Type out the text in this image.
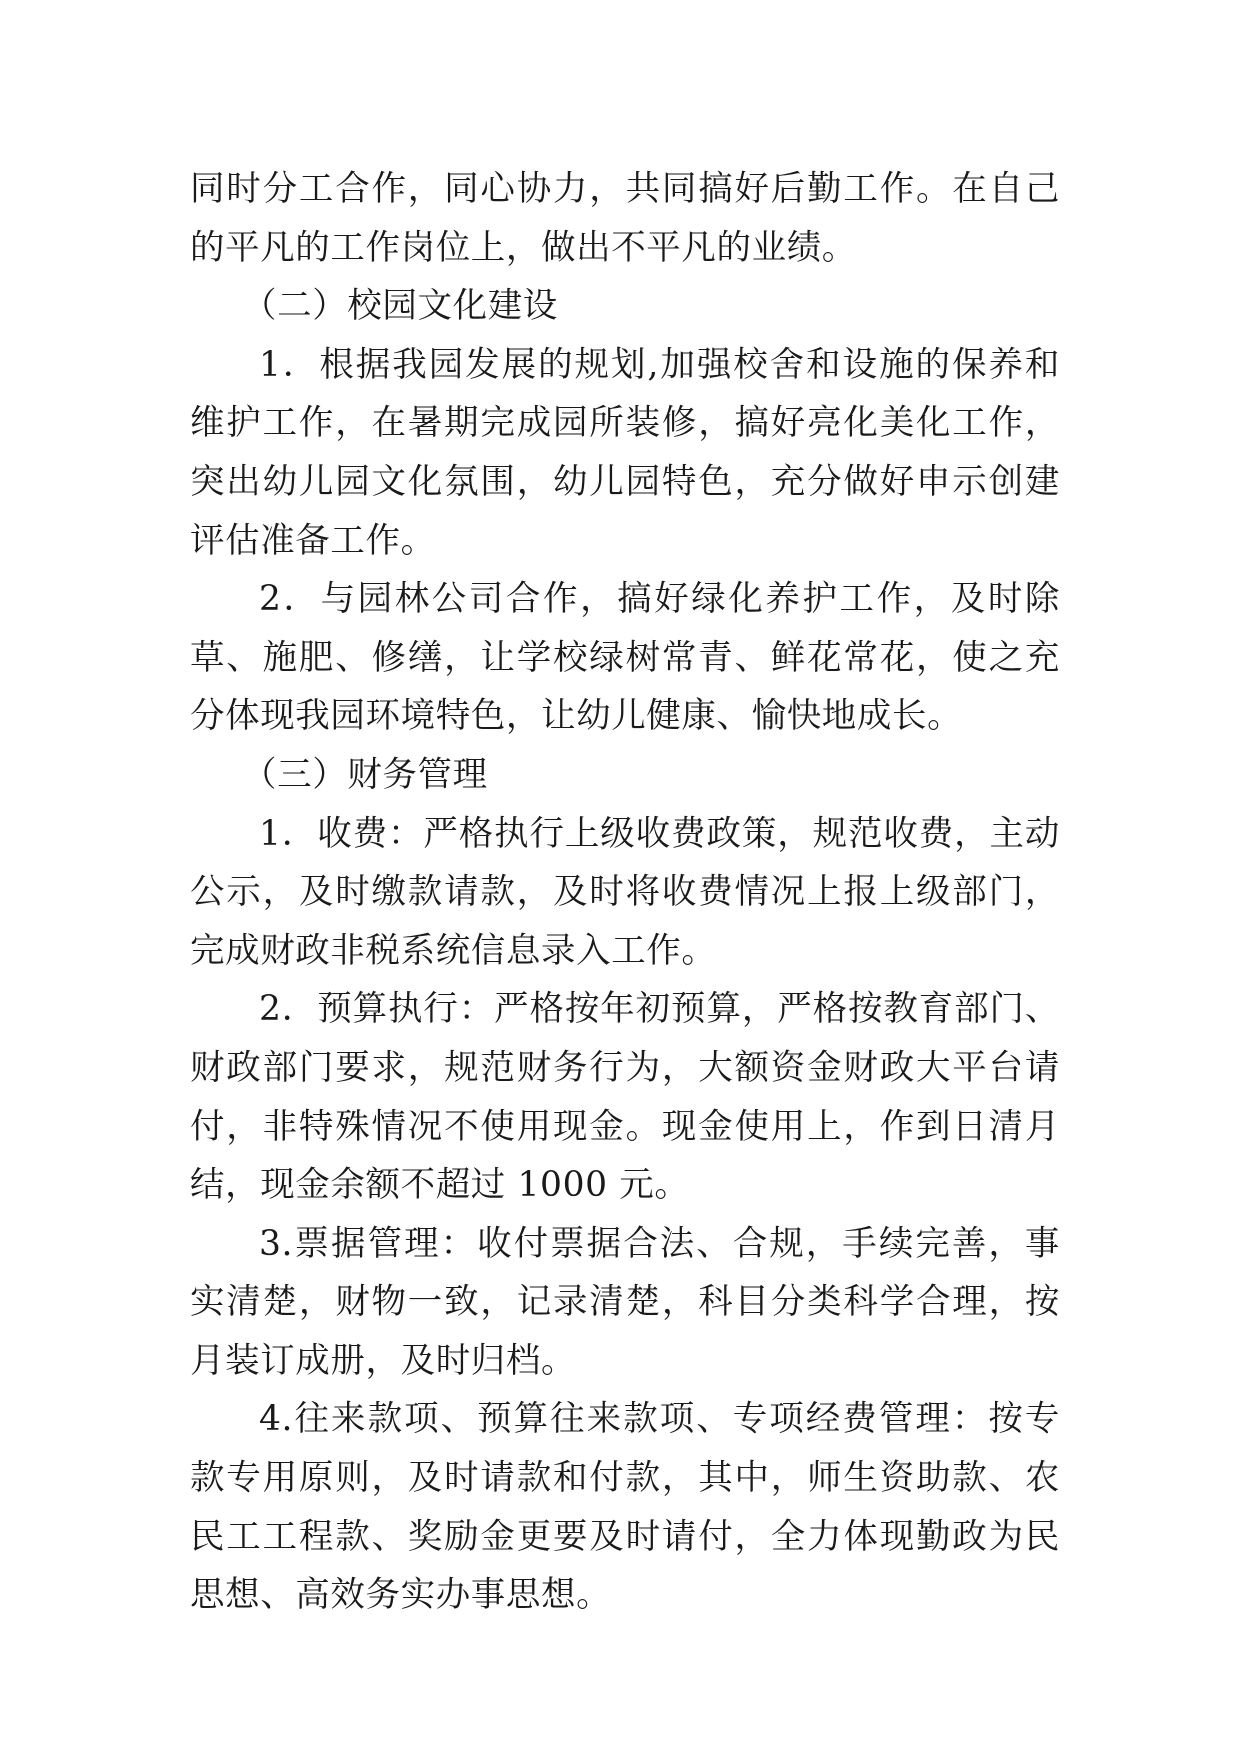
同时分工合作，同心协力，共同搞好后勤工作。在自己的平凡的工作岗位上，做出不平凡的业绩。

（二）校园文化建设

1．根据我园发展的规划,加强校舍和设施的保养和维护工作，在暑期完成园所装修，搞好亮化美化工作，突出幼儿园文化氛围，幼儿园特色，充分做好申示创建评估准备工作。

2．与园林公司合作，搞好绿化养护工作，及时除草、施肥、修缮，让学校绿树常青、鲜花常花，使之充分体现我园环境特色，让幼儿健康、愉快地成长。

（三）财务管理

1．收费：严格执行上级收费政策，规范收费，主动公示，及时缴款请款，及时将收费情况上报上级部门，完成财政非税系统信息录入工作。

2．预算执行：严格按年初预算，严格按教育部门、财政部门要求，规范财务行为，大额资金财政大平台请付，非特殊情况不使用现金。现金使用上，作到日清月结，现金余额不超过 1000 元。

3.票据管理：收付票据合法、合规，手续完善，事实清楚，财物一致，记录清楚，科目分类科学合理，按月装订成册，及时归档。

4.往来款项、预算往来款项、专项经费管理：按专款专用原则，及时请款和付款，其中，师生资助款、农民工工程款、奖励金更要及时请付，全力体现勤政为民思想、高效务实办事思想。
